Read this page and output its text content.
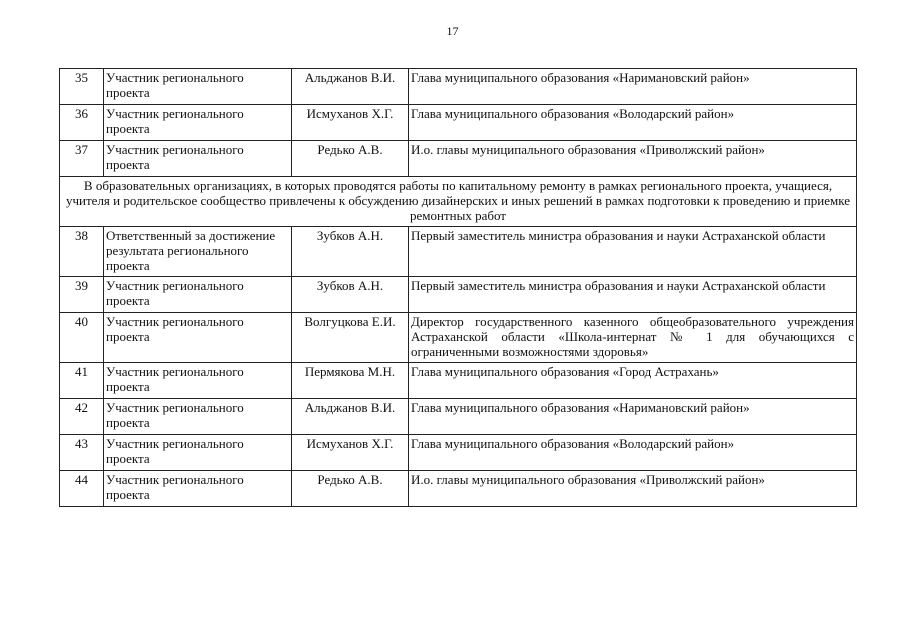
17
35	Участник регионального проекта	Альджанов В.И.	Глава муниципального образования «Наримановский район»
36	Участник регионального проекта	Исмуханов Х.Г.	Глава муниципального образования «Володарский район»
37	Участник регионального проекта	Редько А.В.	И.о. главы муниципального образования «Приволжский район»
В образовательных организациях, в которых проводятся работы по капитальному ремонту в рамках регионального проекта, учащиеся, учителя и родительское сообщество привлечены к обсуждению дизайнерских и иных решений в рамках подготовки к проведению и приемке ремонтных работ			
38	Ответственный за достижение результата регионального проекта	Зубков А.Н.	Первый заместитель министра образования и науки Астраханской области
39	Участник регионального проекта	Зубков А.Н.	Первый заместитель министра образования и науки Астраханской области
40	Участник регионального проекта	Волгуцкова Е.И.	Директор государственного казенного общеобразовательного учреждения Астраханской области «Школа-интернат № 1 для обучающихся с ограниченными возможностями здоровья»
41	Участник регионального проекта	Пермякова М.Н.	Глава муниципального образования «Город Астрахань»
42	Участник регионального проекта	Альджанов В.И.	Глава муниципального образования «Наримановский район»
43	Участник регионального проекта	Исмуханов Х.Г.	Глава муниципального образования «Володарский район»
44	Участник регионального проекта	Редько А.В.	И.о. главы муниципального образования «Приволжский район»
